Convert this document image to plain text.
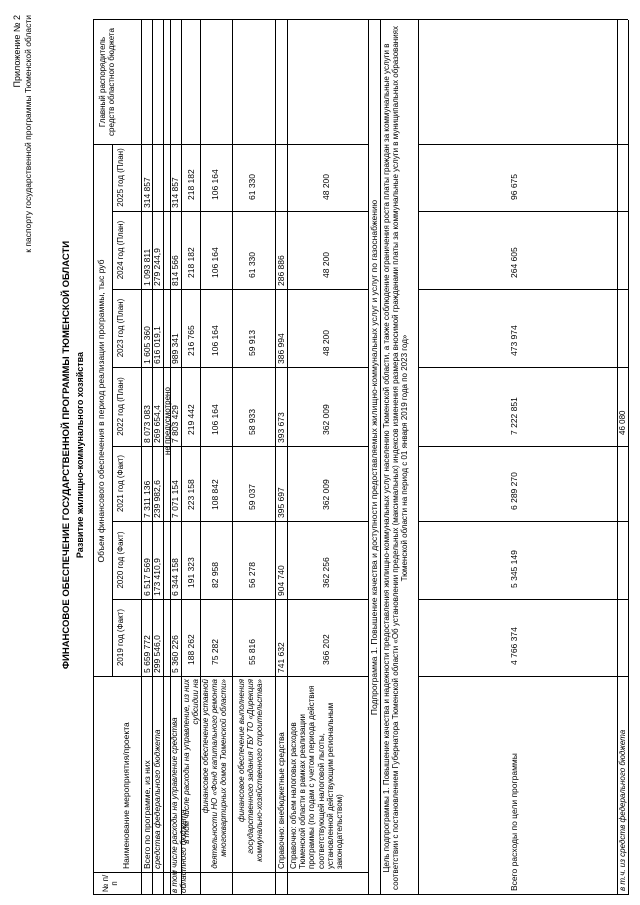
Приложение № 2 к паспорту государственной программы Тюменской области
ФИНАНСОВОЕ ОБЕСПЕЧЕНИЕ ГОСУДАРСТВЕННОЙ ПРОГРАММЫ ТЮМЕНСКОЙ ОБЛАСТИ Развитие жилищно-коммунального хозяйства
№ п/п
Наименование мероприятия/проекта
Объем финансового обеспечения в период реализации программы, тыс руб
2019 год (Факт)
2020 год (Факт)
2021 год (Факт)
2022 год (План)
2023 год (План)
2024 год (План)
2025 год (План)
Главный распорядитель средств областного бюджета
Всего по программе, из них
5 659 772
6 517 569
7 311 136
8 073 083
1 605 360
1 093 811
314 857
средства федерального бюджета
299 546,0
173 410,9
239 982,6
269 654,4
616 019,1
279 244,9
не предусмотрено
в том числе расходы на управление средства областного бюджета
5 360 226
6 344 158
7 071 154
7 803 429
989 341
814 566
314 857
в том числе расходы на управление, из них субсидии на
188 262
191 323
223 158
219 442
216 765
218 182
218 182
финансовое обеспечение уставной деятельности НО «Фонд капитального ремонта многоквартирных домов Тюменской области»
75 282
82 958
108 842
106 164
106 164
106 164
106 164
финансовое обеспечение выполнения государственного задания ГБУ ТО «Дирекция коммунально-хозяйственного строительства»
55 816
56 278
59 037
58 933
59 913
61 330
61 330
Справочно: внебюджетные средства
741 632
904 740
395 697
393 673
386 994
286 886
Справочно: объем налоговых расходов Тюменской области в рамках реализации программы (по годам с учетом периода действия соответствующей налоговой льготы, установленной действующим региональным законодательством)
366 202
362 256
362 009
362 009
48 200
48 200
48 200
Подпрограмма 1. Повышение качества и доступности предоставляемых жилищно-коммунальных услуг и услуг по газоснабжению Цель подпрограммы 1. Повышение качества и надежности предоставления жилищно-коммунальных услуг населению Тюменской области, а также соблюдение ограничения роста платы граждан за коммунальные услуги в соответствии с постановлением Губернатора Тюменской области «Об установлении предельных (максимальных) индексов изменения размера вносимой гражданами платы за коммунальные услуги в муниципальных образованиях Тюменской области на период с 01 января 2019 года по 2023 год»
Всего расходы по цели программы
4 766 374
5 345 149
6 289 270
7 222 851
473 974
264 605
96 675
в т.ч. из средств федерального бюджета
46 080
